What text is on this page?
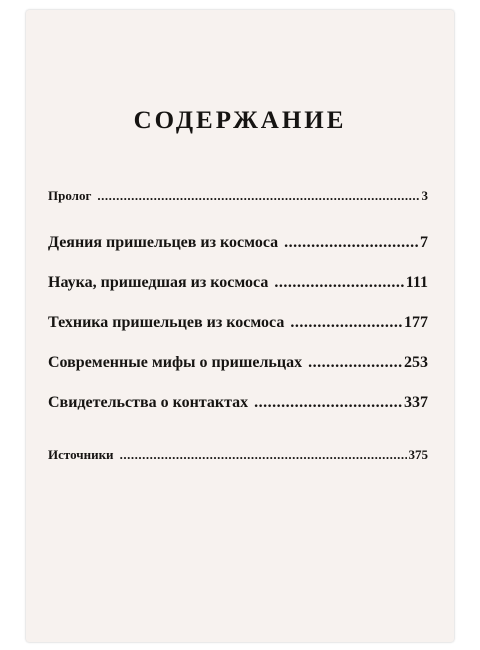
СОДЕРЖАНИЕ
Пролог .....	3
Деяния пришельцев из космоса .....	7
Наука, пришедшая из космоса .....	111
Техника пришельцев из космоса .....	177
Современные мифы о пришельцах .....	253
Свидетельства о контактах .....	337
Источники .....	375
